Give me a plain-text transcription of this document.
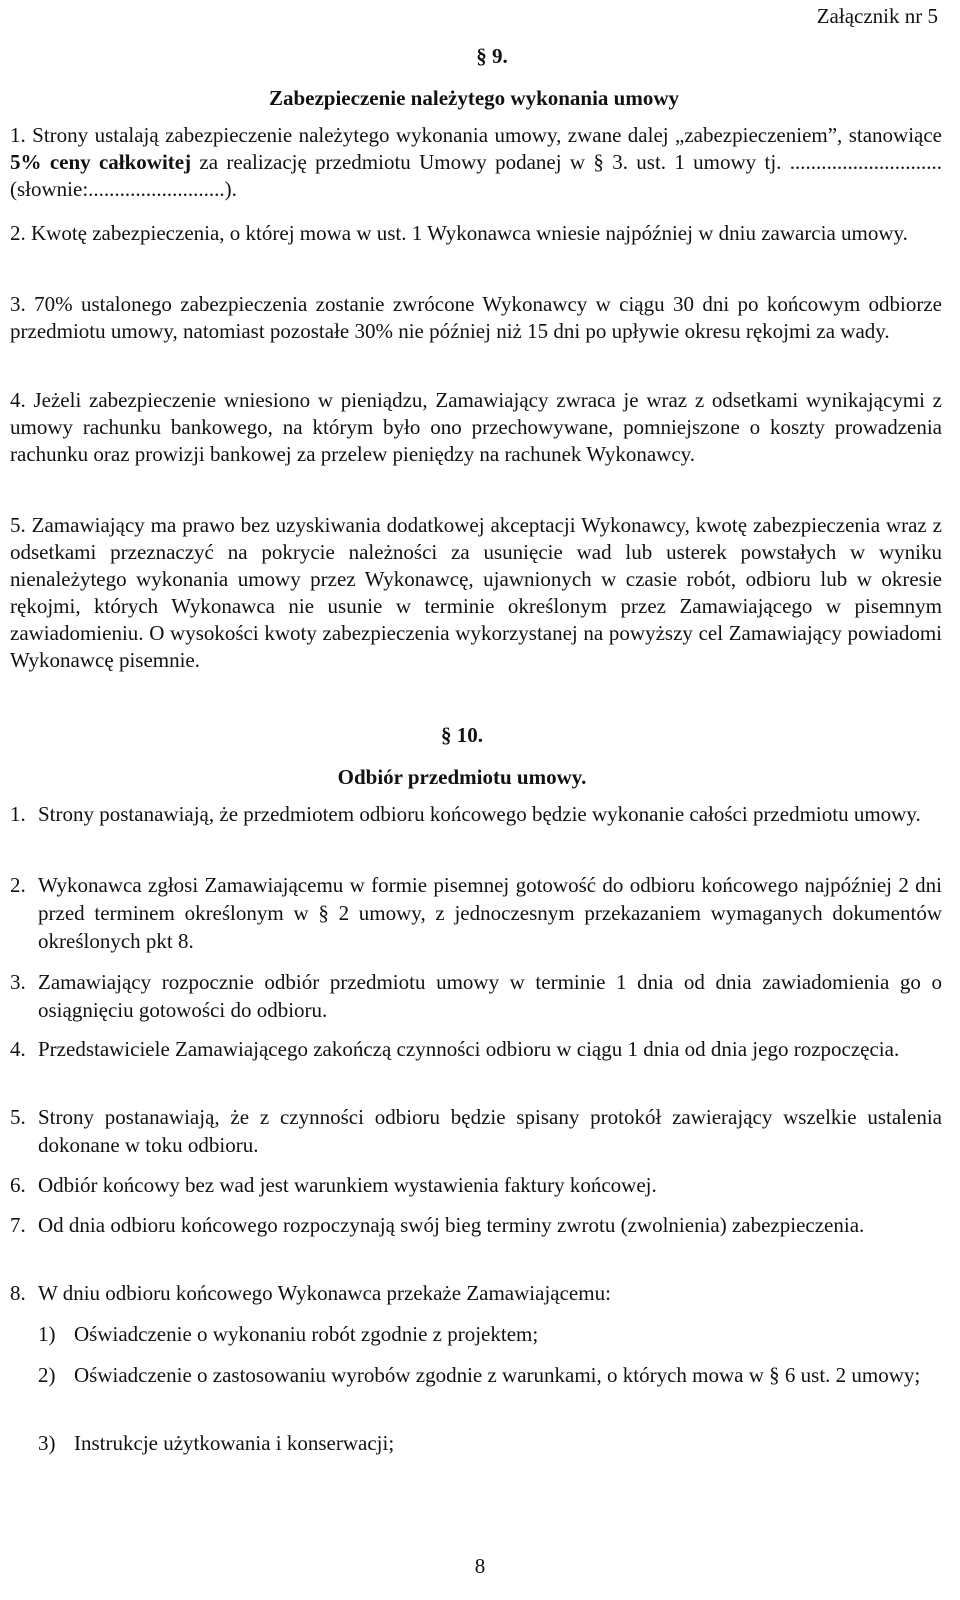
Załącznik nr 5
§ 9.
Zabezpieczenie należytego wykonania umowy
1. Strony ustalają zabezpieczenie należytego wykonania umowy, zwane dalej „zabezpieczeniem”, stanowiące 5% ceny całkowitej za realizację przedmiotu Umowy podanej w § 3. ust. 1 umowy tj. ............................. (słownie:..........................).
2. Kwotę zabezpieczenia, o której mowa w ust. 1 Wykonawca wniesie najpóźniej w dniu zawarcia umowy.
3. 70% ustalonego zabezpieczenia zostanie zwrócone Wykonawcy w ciągu 30 dni po końcowym odbiorze przedmiotu umowy, natomiast pozostałe 30% nie później niż 15 dni po upływie okresu rękojmi za wady.
4. Jeżeli zabezpieczenie wniesiono w pieniądzu, Zamawiający zwraca je wraz z odsetkami wynikającymi z umowy rachunku bankowego, na którym było ono przechowywane, pomniejszone o koszty prowadzenia rachunku oraz prowizji bankowej za przelew pieniędzy na rachunek Wykonawcy.
5. Zamawiający ma prawo bez uzyskiwania dodatkowej akceptacji Wykonawcy, kwotę zabezpieczenia wraz z odsetkami przeznaczyć na pokrycie należności za usunięcie wad lub usterek powstałych w wyniku nienależytego wykonania umowy przez Wykonawcę, ujawnionych w czasie robót, odbioru lub w okresie rękojmi, których Wykonawca nie usunie w terminie określonym przez Zamawiającego w pisemnym zawiadomieniu. O wysokości kwoty zabezpieczenia wykorzystanej na powyższy cel Zamawiający powiadomi Wykonawcę pisemnie.
§ 10.
Odbiór przedmiotu umowy.
1. Strony postanawiają, że przedmiotem odbioru końcowego będzie wykonanie całości przedmiotu umowy.
2. Wykonawca zgłosi Zamawiającemu w formie pisemnej gotowość do odbioru końcowego najpóźniej 2 dni przed terminem określonym w § 2 umowy, z jednoczesnym przekazaniem wymaganych dokumentów określonych pkt 8.
3. Zamawiający rozpocznie odbiór przedmiotu umowy w terminie 1 dnia od dnia zawiadomienia go o osiągnięciu gotowości do odbioru.
4. Przedstawiciele Zamawiającego zakończą czynności odbioru w ciągu 1 dnia od dnia jego rozpoczęcia.
5. Strony postanawiają, że z czynności odbioru będzie spisany protokół zawierający wszelkie ustalenia dokonane w toku odbioru.
6. Odbiór końcowy bez wad jest warunkiem wystawienia faktury końcowej.
7. Od dnia odbioru końcowego rozpoczynają swój bieg terminy zwrotu (zwolnienia) zabezpieczenia.
8. W dniu odbioru końcowego Wykonawca przekaże Zamawiającemu:
1) Oświadczenie o wykonaniu robót zgodnie z projektem;
2) Oświadczenie o zastosowaniu wyrobów zgodnie z warunkami, o których mowa w § 6 ust. 2 umowy;
3) Instrukcje użytkowania i konserwacji;
8
